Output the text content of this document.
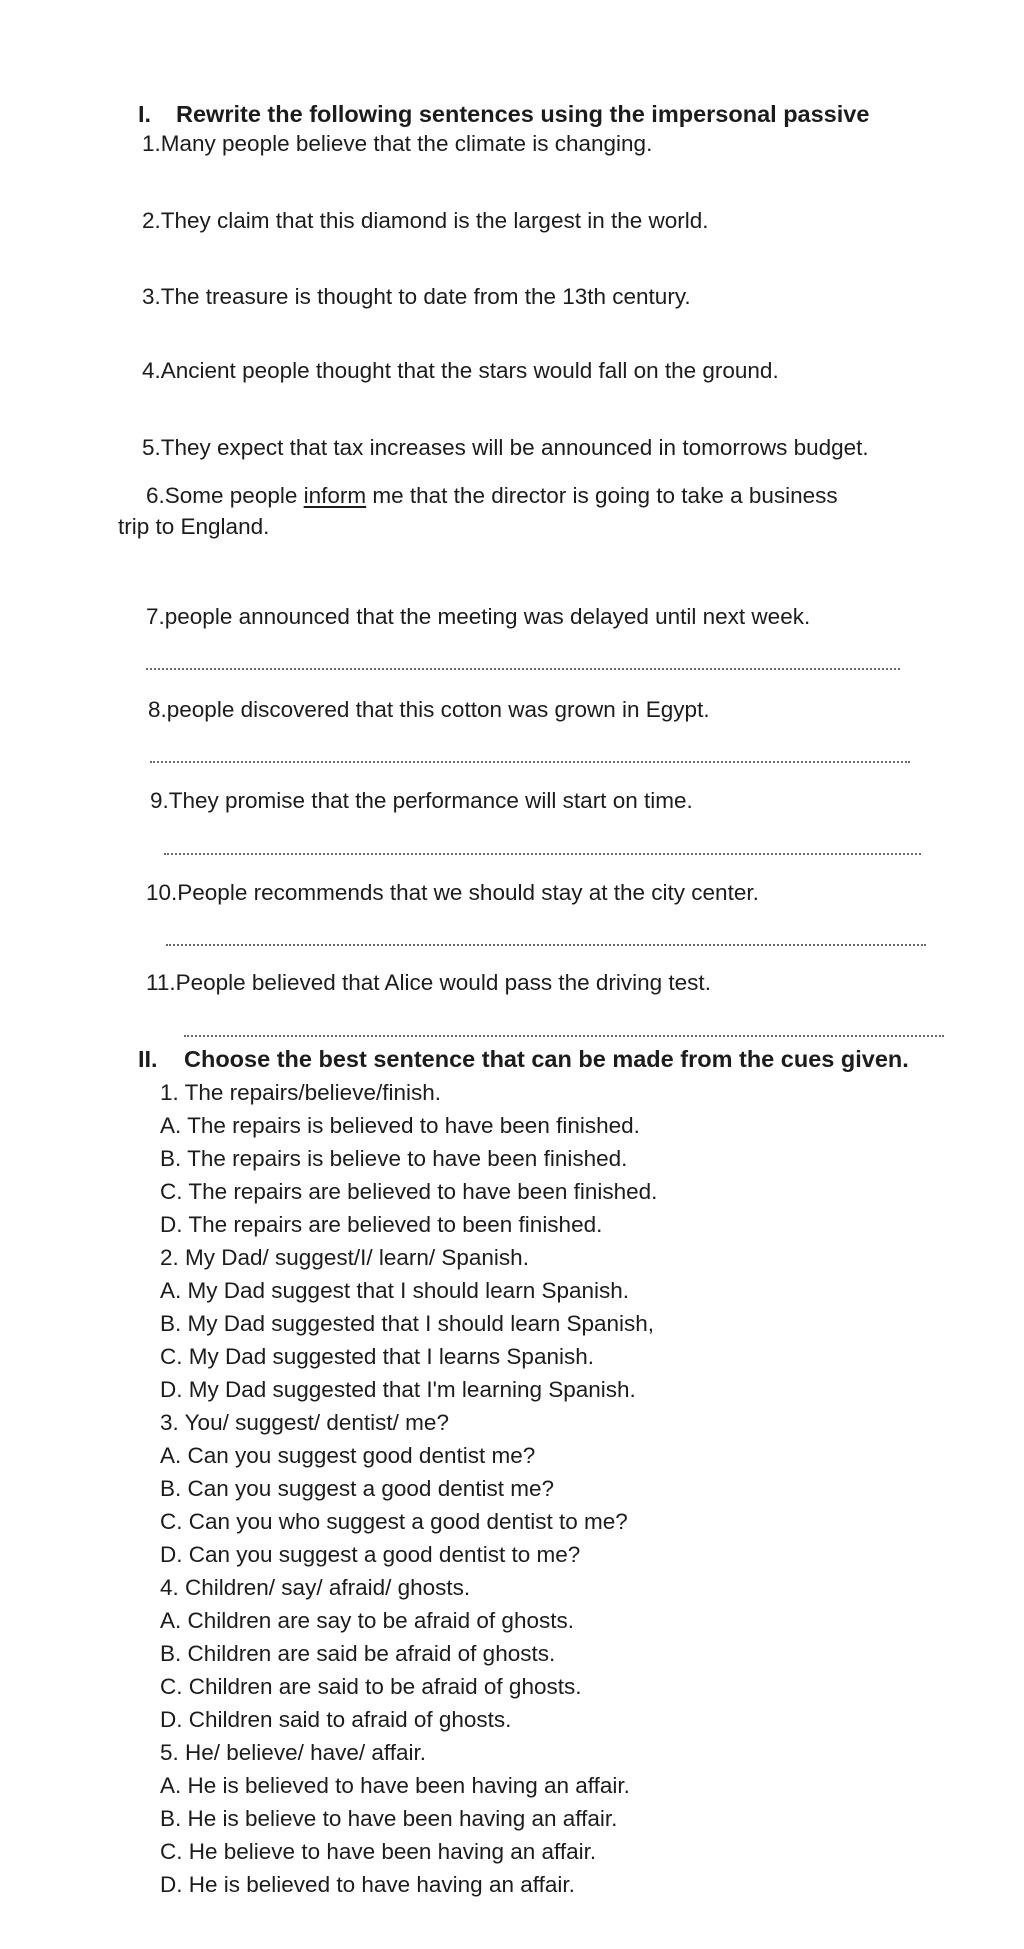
I. Rewrite the following sentences using the impersonal passive
1.Many people believe that the climate is changing.
2.They claim that this diamond is the largest in the world.
3.The treasure is thought to date from the 13th century.
4.Ancient people thought that the stars would fall on the ground.
5.They expect that tax increases will be announced in tomorrows budget.
6.Some people inform me that the director is going to take a business
trip to England.
7.people announced that the meeting was delayed until next week.
8.people discovered that this cotton was grown in Egypt.
9.They promise that the performance will start on time.
10.People recommends that we should stay at the city center.
11.People believed that Alice would pass the driving test.
II. Choose the best sentence that can be made from the cues given.
1. The repairs/believe/finish.
A. The repairs is believed to have been finished.
B. The repairs is believe to have been finished.
C. The repairs are believed to have been finished.
D. The repairs are believed to been finished.
2. My Dad/ suggest/I/ learn/ Spanish.
A. My Dad suggest that I should learn Spanish.
B. My Dad suggested that I should learn Spanish,
C. My Dad suggested that I learns Spanish.
D. My Dad suggested that I'm learning Spanish.
3. You/ suggest/ dentist/ me?
A. Can you suggest good dentist me?
B. Can you suggest a good dentist me?
C. Can you who suggest a good dentist to me?
D. Can you suggest a good dentist to me?
4. Children/ say/ afraid/ ghosts.
A. Children are say to be afraid of ghosts.
B. Children are said be afraid of ghosts.
C. Children are said to be afraid of ghosts.
D. Children said to afraid of ghosts.
5. He/ believe/ have/ affair.
A. He is believed to have been having an affair.
B. He is believe to have been having an affair.
C. He believe to have been having an affair.
D. He is believed to have having an affair.
